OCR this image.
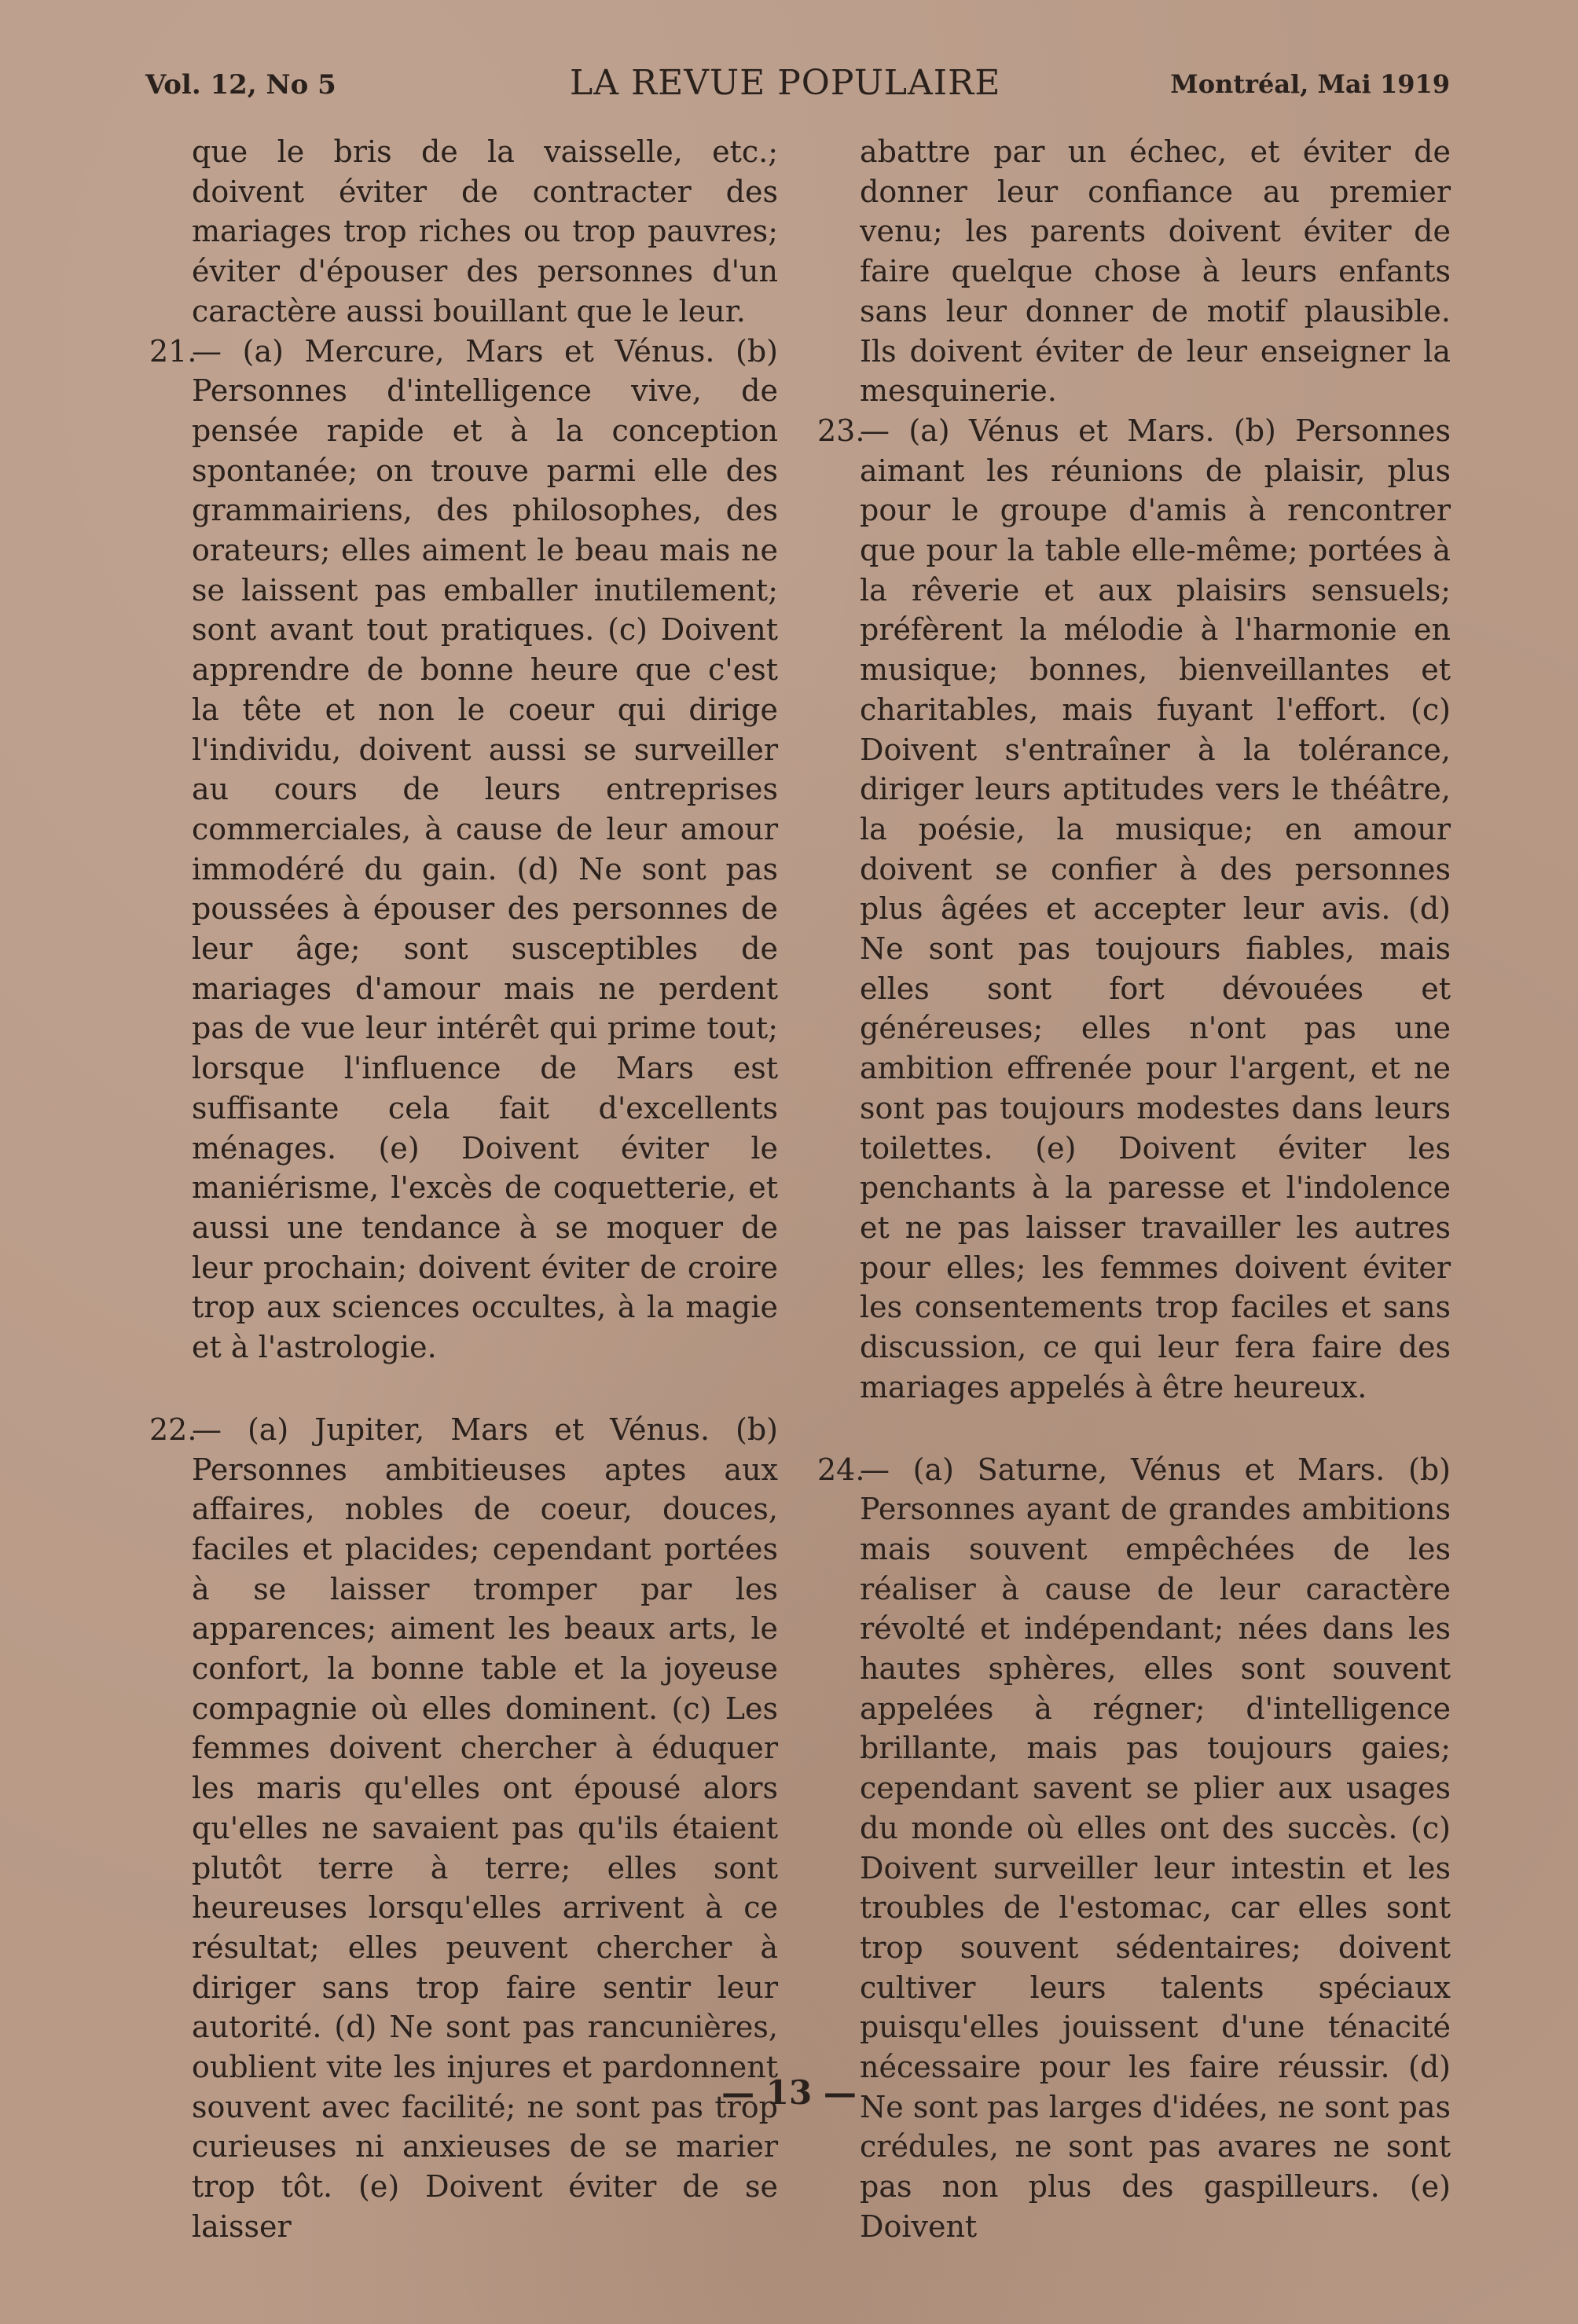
Vol. 12, No 5	LA REVUE POPULAIRE	Montréal, Mai 1919

que le bris de la vaisselle, etc.; doivent éviter de contracter des mariages trop riches ou trop pauvres; éviter d'épouser des personnes d'un caractère aussi bouillant que le leur.

21.
— (a) Mercure, Mars et Vénus. (b) Personnes d'intelligence vive, de pensée rapide et à la conception spontanée; on trouve parmi elle des grammairiens, des philosophes, des orateurs; elles aiment le beau mais ne se laissent pas emballer inutilement; sont avant tout pratiques. (c) Doivent apprendre de bonne heure que c'est la tête et non le coeur qui dirige l'individu, doivent aussi se surveiller au cours de leurs entreprises commerciales, à cause de leur amour immodéré du gain. (d) Ne sont pas poussées à épouser des personnes de leur âge; sont susceptibles de mariages d'amour mais ne perdent pas de vue leur intérêt qui prime tout; lorsque l'influence de Mars est suffisante cela fait d'excellents ménages. (e) Doivent éviter le maniérisme, l'excès de coquetterie, et aussi une tendance à se moquer de leur prochain; doivent éviter de croire trop aux sciences occultes, à la magie et à l'astrologie.
22.
— (a) Jupiter, Mars et Vénus. (b) Personnes ambitieuses aptes aux affaires, nobles de coeur, douces, faciles et placides; cependant portées à se laisser tromper par les apparences; aiment les beaux arts, le confort, la bonne table et la joyeuse compagnie où elles dominent. (c) Les femmes doivent chercher à éduquer les maris qu'elles ont épousé alors qu'elles ne savaient pas qu'ils étaient plutôt terre à terre; elles sont heureuses lorsqu'elles arrivent à ce résultat; elles peuvent chercher à diriger sans trop faire sentir leur autorité. (d) Ne sont pas rancunières, oublient vite les injures et pardonnent souvent avec facilité; ne sont pas trop curieuses ni anxieuses de se marier trop tôt. (e) Doivent éviter de se laisser

abattre par un échec, et éviter de donner leur confiance au premier venu; les parents doivent éviter de faire quelque chose à leurs enfants sans leur donner de motif plausible. Ils doivent éviter de leur enseigner la mesquinerie.

23.
— (a) Vénus et Mars. (b) Personnes aimant les réunions de plaisir, plus pour le groupe d'amis à rencontrer que pour la table elle-même; portées à la rêverie et aux plaisirs sensuels; préfèrent la mélodie à l'harmonie en musique; bonnes, bienveillantes et charitables, mais fuyant l'effort. (c) Doivent s'entraîner à la tolérance, diriger leurs aptitudes vers le théâtre, la poésie, la musique; en amour doivent se confier à des personnes plus âgées et accepter leur avis. (d) Ne sont pas toujours fiables, mais elles sont fort dévouées et généreuses; elles n'ont pas une ambition effrenée pour l'argent, et ne sont pas toujours modestes dans leurs toilettes. (e) Doivent éviter les penchants à la paresse et l'indolence et ne pas laisser travailler les autres pour elles; les femmes doivent éviter les consentements trop faciles et sans discussion, ce qui leur fera faire des mariages appelés à être heureux.
24.
— (a) Saturne, Vénus et Mars. (b) Personnes ayant de grandes ambitions mais souvent empêchées de les réaliser à cause de leur caractère révolté et indépendant; nées dans les hautes sphères, elles sont souvent appelées à régner; d'intelligence brillante, mais pas toujours gaies; cependant savent se plier aux usages du monde où elles ont des succès. (c) Doivent surveiller leur intestin et les troubles de l'estomac, car elles sont trop souvent sédentaires; doivent cultiver leurs talents spéciaux puisqu'elles jouissent d'une ténacité nécessaire pour les faire réussir. (d) Ne sont pas larges d'idées, ne sont pas crédules, ne sont pas avares ne sont pas non plus des gaspilleurs. (e) Doivent
— 13 —
